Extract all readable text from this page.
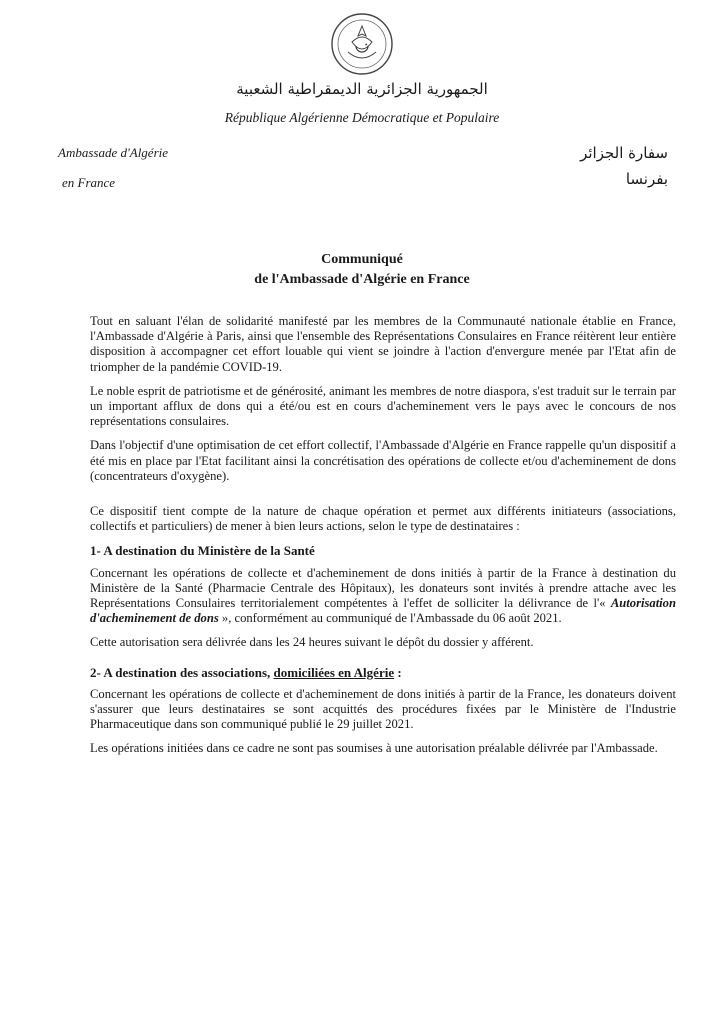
الجمهورية الجزائرية الديمقراطية الشعبية
République Algérienne Démocratique et Populaire
Ambassade d'Algérie
en France
سفارة الجزائر
بفرنسا
Communiqué
de l'Ambassade d'Algérie en France

Tout en saluant l'élan de solidarité manifesté par les membres de la Communauté nationale établie en France, l'Ambassade d'Algérie à Paris, ainsi que l'ensemble des Représentations Consulaires en France réitèrent leur entière disposition à accompagner cet effort louable qui vient se joindre à l'action d'envergure menée par l'Etat afin de triompher de la pandémie COVID-19.

Le noble esprit de patriotisme et de générosité, animant les membres de notre diaspora, s'est traduit sur le terrain par un important afflux de dons qui a été/ou est en cours d'acheminement vers le pays avec le concours de nos représentations consulaires.

Dans l'objectif d'une optimisation de cet effort collectif, l'Ambassade d'Algérie en France rappelle qu'un dispositif a été mis en place par l'Etat facilitant ainsi la concrétisation des opérations de collecte et/ou d'acheminement de dons (concentrateurs d'oxygène).

Ce dispositif tient compte de la nature de chaque opération et permet aux différents initiateurs (associations, collectifs et particuliers) de mener à bien leurs actions, selon le type de destinataires :

1- A destination du Ministère de la Santé

Concernant les opérations de collecte et d'acheminement de dons initiés à partir de la France à destination du Ministère de la Santé (Pharmacie Centrale des Hôpitaux), les donateurs sont invités à prendre attache avec les Représentations Consulaires territorialement compétentes à l'effet de solliciter la délivrance de l'« Autorisation d'acheminement de dons », conformément au communiqué de l'Ambassade du 06 août 2021.

Cette autorisation sera délivrée dans les 24 heures suivant le dépôt du dossier y afférent.

2- A destination des associations, domiciliées en Algérie :

Concernant les opérations de collecte et d'acheminement de dons initiés à partir de la France, les donateurs doivent s'assurer que leurs destinataires se sont acquittés des procédures fixées par le Ministère de l'Industrie Pharmaceutique dans son communiqué publié le 29 juillet 2021.

Les opérations initiées dans ce cadre ne sont pas soumises à une autorisation préalable délivrée par l'Ambassade.
